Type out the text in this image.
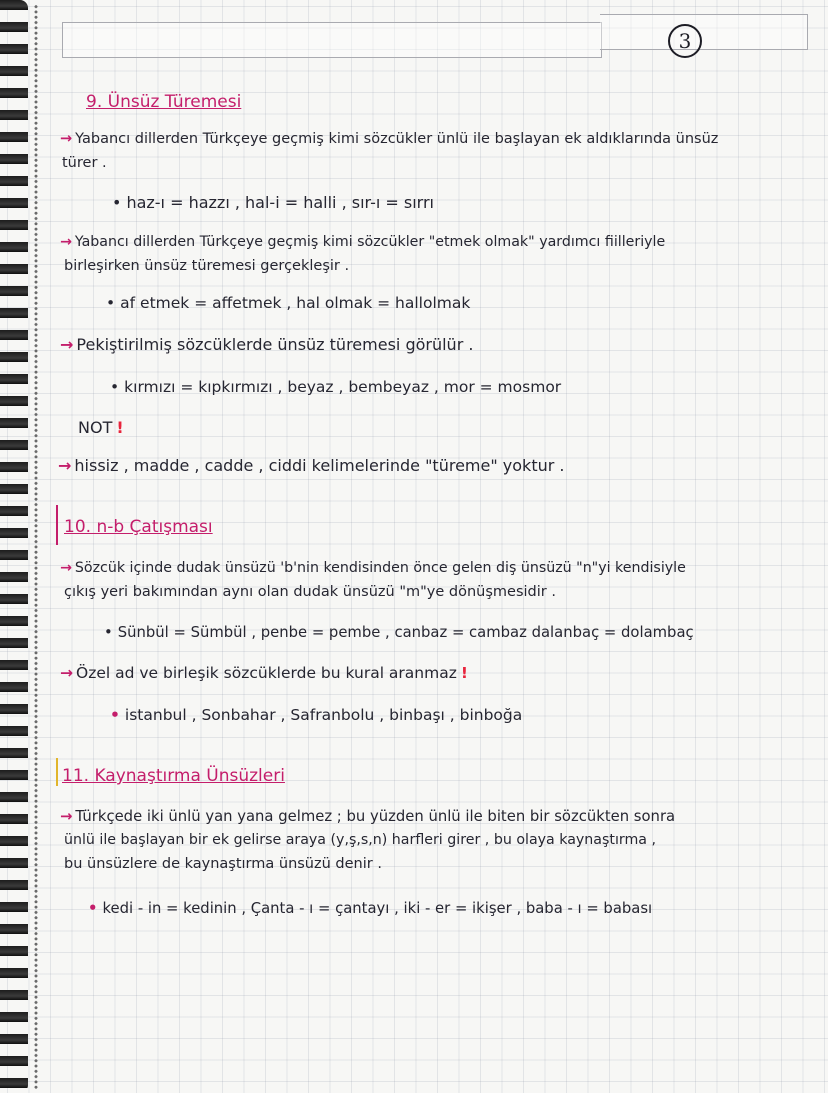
3
9. Ünsüz Türemesi
→ Yabancı dillerden Türkçeye geçmiş kimi sözcükler ünlü ile başlayan ek aldıklarında ünsüz
türer .
• haz-ı = hazzı , hal-i = halli , sır-ı = sırrı
→ Yabancı dillerden Türkçeye geçmiş kimi sözcükler "etmek olmak" yardımcı fiilleriyle
birleşirken ünsüz türemesi gerçekleşir .
• af etmek = affetmek , hal olmak = hallolmak
→ Pekiştirilmiş sözcüklerde ünsüz türemesi görülür .
• kırmızı = kıpkırmızı , beyaz , bembeyaz , mor = mosmor
NOT !
→ hissiz , madde , cadde , ciddi kelimelerinde "türeme" yoktur .
10. n-b Çatışması
→ Sözcük içinde dudak ünsüzü 'b'nin kendisinden önce gelen diş ünsüzü "n"yi kendisiyle
çıkış yeri bakımından aynı olan dudak ünsüzü "m"ye dönüşmesidir .
• Sünbül = Sümbül , penbe = pembe , canbaz = cambaz dalanbaç = dolambaç
→ Özel ad ve birleşik sözcüklerde bu kural aranmaz !
• istanbul , Sonbahar , Safranbolu , binbaşı , binboğa
11. Kaynaştırma Ünsüzleri
→ Türkçede iki ünlü yan yana gelmez ; bu yüzden ünlü ile biten bir sözcükten sonra
ünlü ile başlayan bir ek gelirse araya (y,ş,s,n) harfleri girer , bu olaya kaynaştırma ,
bu ünsüzlere de kaynaştırma ünsüzü denir .
• kedi - in = kedinin , Çanta - ı = çantayı , iki - er = ikişer , baba - ı = babası
